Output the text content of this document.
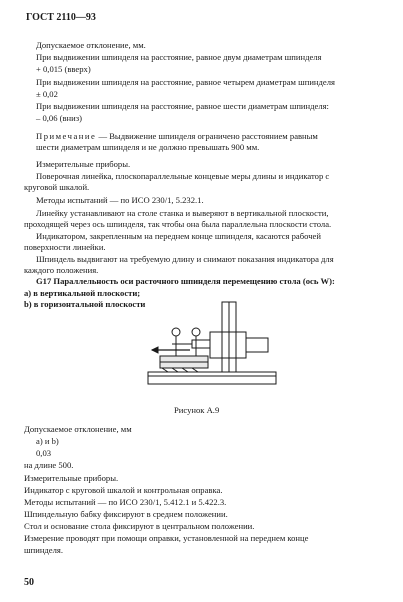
ГОСТ 2110—93
Допускаемое отклонение, мм.
При выдвижении шпинделя на расстояние, равное двум диаметрам шпинделя
+ 0,015 (вверх)
При выдвижении шпинделя на расстояние, равное четырем диаметрам шпинделя
± 0,02
При выдвижении шпинделя на расстояние, равное шести диаметрам шпинделя:
– 0,06 (вниз)
Примечание — Выдвижение шпинделя ограничено расстоянием равным
шести диаметрам шпинделя и не должно превышать 900 мм.
Измерительные приборы.
Поверочная линейка, плоскопараллельные концевые меры длины и индикатор с
круговой шкалой.
Методы испытаний — по ИСО 230/1, 5.232.1.
Линейку устанавливают на столе станка и выверяют в вертикальной плоскости,
проходящей через ось шпинделя, так чтобы она была параллельна плоскости стола.
Индикатором, закрепленным на переднем конце шпинделя, касаются рабочей
поверхности линейки.
Шпиндель выдвигают на требуемую длину и снимают показания индикатора для
каждого положения.
G17 Параллельность оси расточного шпинделя перемещению стола (ось W):
a) в вертикальной плоскости;
b) в горизонтальной плоскости
Рисунок А.9
Допускаемое отклонение, мм
a) и b)
0,03
на длине 500.
Измерительные приборы.
Индикатор с круговой шкалой и контрольная оправка.
Методы испытаний — по ИСО 230/1, 5.412.1 и 5.422.3.
Шпиндельную бабку фиксируют в среднем положении.
Стол и основание стола фиксируют в центральном положении.
Измерение проводят при помощи оправки, установленной на переднем конце
шпинделя.
50
